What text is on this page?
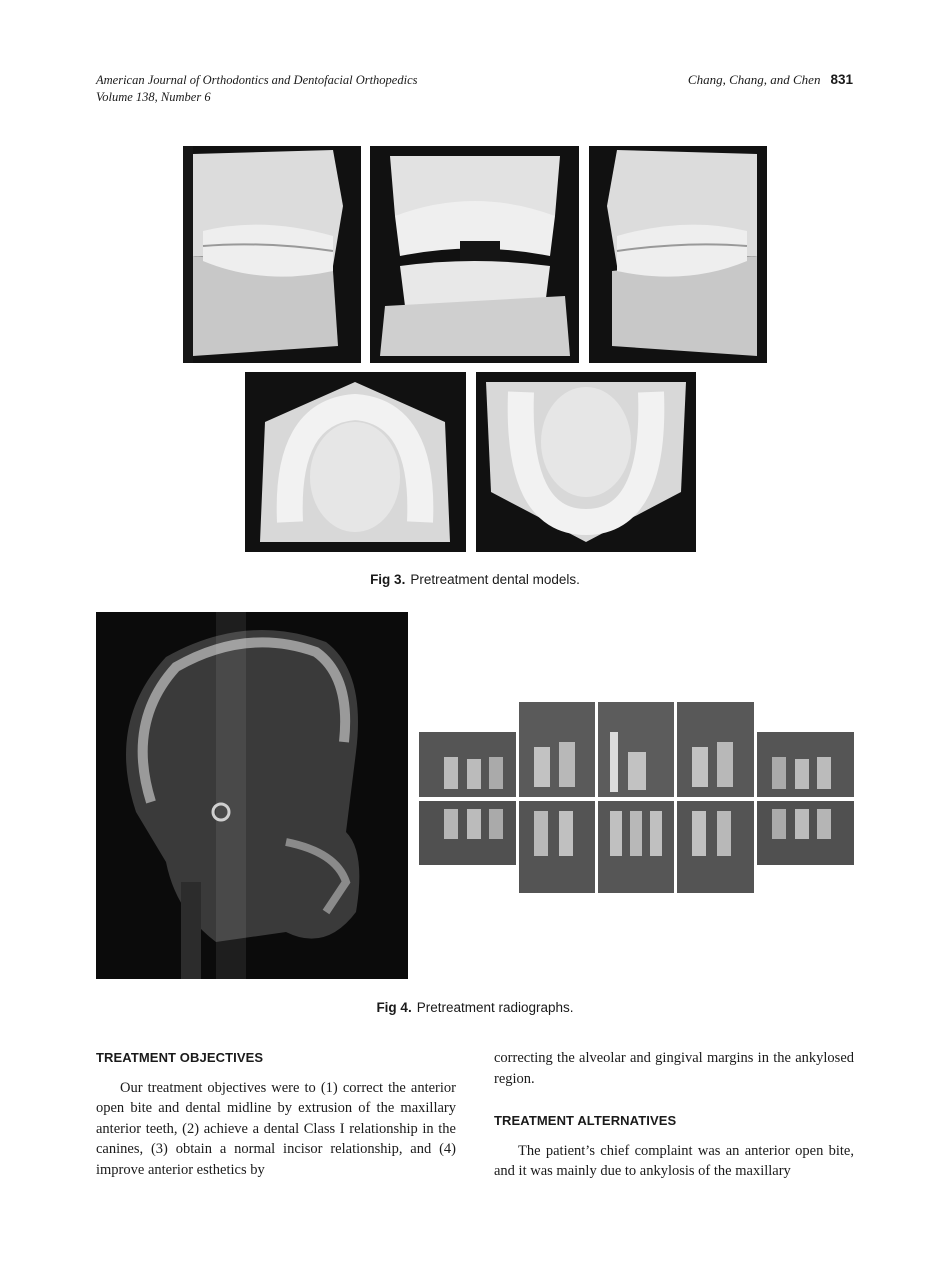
American Journal of Orthodontics and Dentofacial Orthopedics
Volume 138, Number 6
Chang, Chang, and Chen 831
Fig 3. Pretreatment dental models.
Fig 4. Pretreatment radiographs.
TREATMENT OBJECTIVES

Our treatment objectives were to (1) correct the anterior open bite and dental midline by extrusion of the maxillary anterior teeth, (2) achieve a dental Class I relationship in the canines, (3) obtain a normal incisor relationship, and (4) improve anterior esthetics by

correcting the alveolar and gingival margins in the ankylosed region.

TREATMENT ALTERNATIVES

The patient’s chief complaint was an anterior open bite, and it was mainly due to ankylosis of the maxillary
